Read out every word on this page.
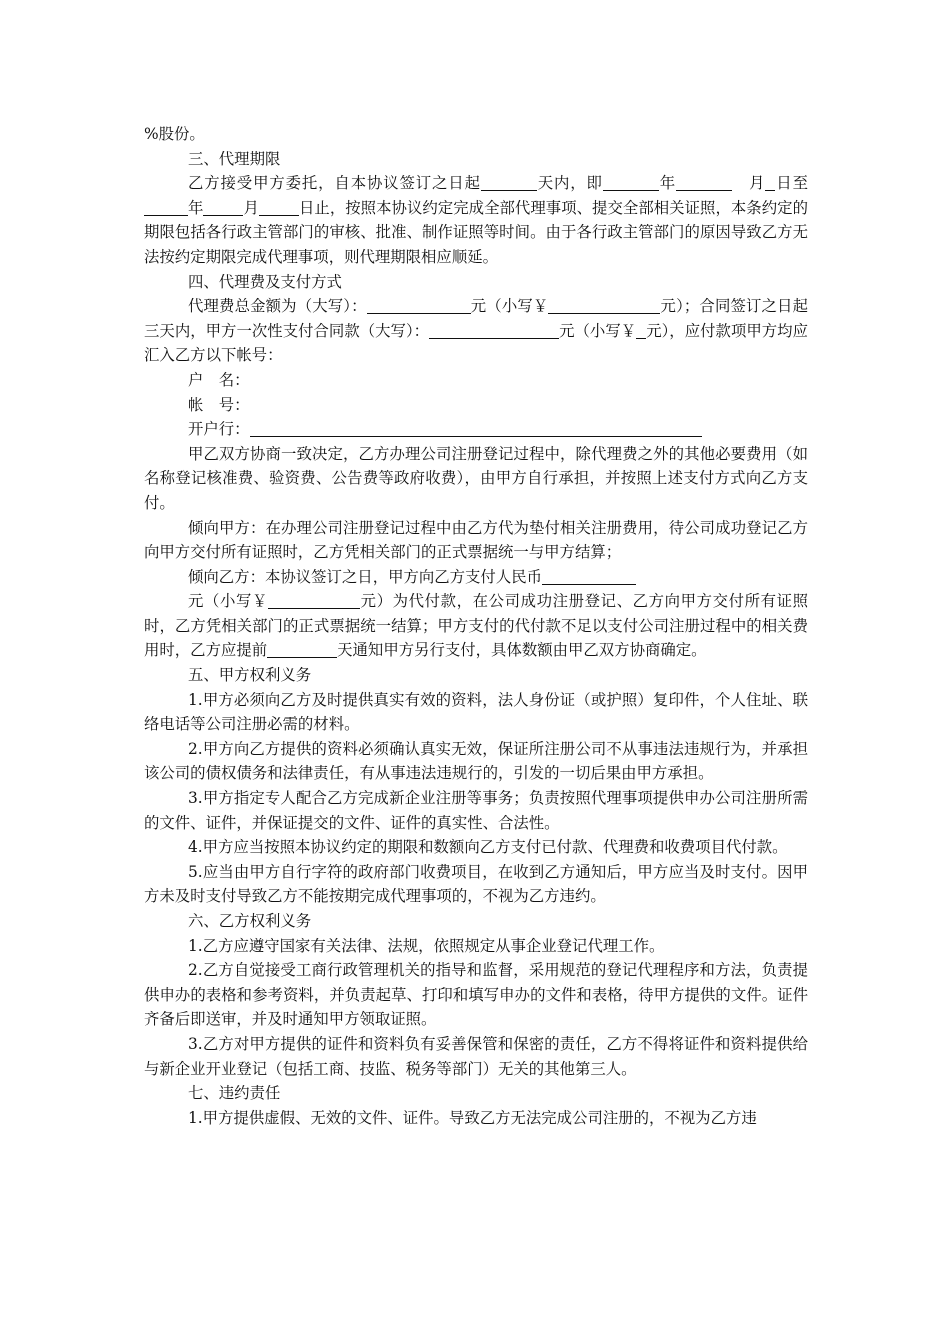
%股份。

三、代理期限

乙方接受甲方委托，自本协议签订之日起	天内，即	年　	月 日至年	月	日止，按照本协议约定完成全部代理事项、提交全部相关证照，本条约定的期限包括各行政主管部门的审核、批准、制作证照等时间。由于各行政主管部门的原因导致乙方无法按约定期限完成代理事项，则代理期限相应顺延。

四、代理费及支付方式

代理费总金额为（大写）：	元（小写￥	元）；合同签订之日起三天内，甲方一次性支付合同款（大写）：	元（小写￥ 元），应付款项甲方均应汇入乙方以下帐号：

户　名：

帐　号：

开户行：

甲乙双方协商一致决定，乙方办理公司注册登记过程中，除代理费之外的其他必要费用（如名称登记核准费、验资费、公告费等政府收费），由甲方自行承担，并按照上述支付方式向乙方支付。

倾向甲方：在办理公司注册登记过程中由乙方代为垫付相关注册费用，待公司成功登记乙方向甲方交付所有证照时，乙方凭相关部门的正式票据统一与甲方结算；

倾向乙方：本协议签订之日，甲方向乙方支付人民币

元（小写￥	元）为代付款，在公司成功注册登记、乙方向甲方交付所有证照时，乙方凭相关部门的正式票据统一结算；甲方支付的代付款不足以支付公司注册过程中的相关费用时，乙方应提前	天通知甲方另行支付，具体数额由甲乙双方协商确定。

五、甲方权利义务

1.甲方必须向乙方及时提供真实有效的资料，法人身份证（或护照）复印件，个人住址、联络电话等公司注册必需的材料。

2.甲方向乙方提供的资料必须确认真实无效，保证所注册公司不从事违法违规行为，并承担该公司的债权债务和法律责任，有从事违法违规行的，引发的一切后果由甲方承担。

3.甲方指定专人配合乙方完成新企业注册等事务；负责按照代理事项提供申办公司注册所需的文件、证件，并保证提交的文件、证件的真实性、合法性。

4.甲方应当按照本协议约定的期限和数额向乙方支付已付款、代理费和收费项目代付款。

5.应当由甲方自行字符的政府部门收费项目，在收到乙方通知后，甲方应当及时支付。因甲方未及时支付导致乙方不能按期完成代理事项的，不视为乙方违约。

六、乙方权利义务

1.乙方应遵守国家有关法律、法规，依照规定从事企业登记代理工作。

2.乙方自觉接受工商行政管理机关的指导和监督，采用规范的登记代理程序和方法，负责提供申办的表格和参考资料，并负责起草、打印和填写申办的文件和表格，待甲方提供的文件。证件齐备后即送审，并及时通知甲方领取证照。

3.乙方对甲方提供的证件和资料负有妥善保管和保密的责任，乙方不得将证件和资料提供给与新企业开业登记（包括工商、技监、税务等部门）无关的其他第三人。

七、违约责任

1.甲方提供虚假、无效的文件、证件。导致乙方无法完成公司注册的，不视为乙方违
